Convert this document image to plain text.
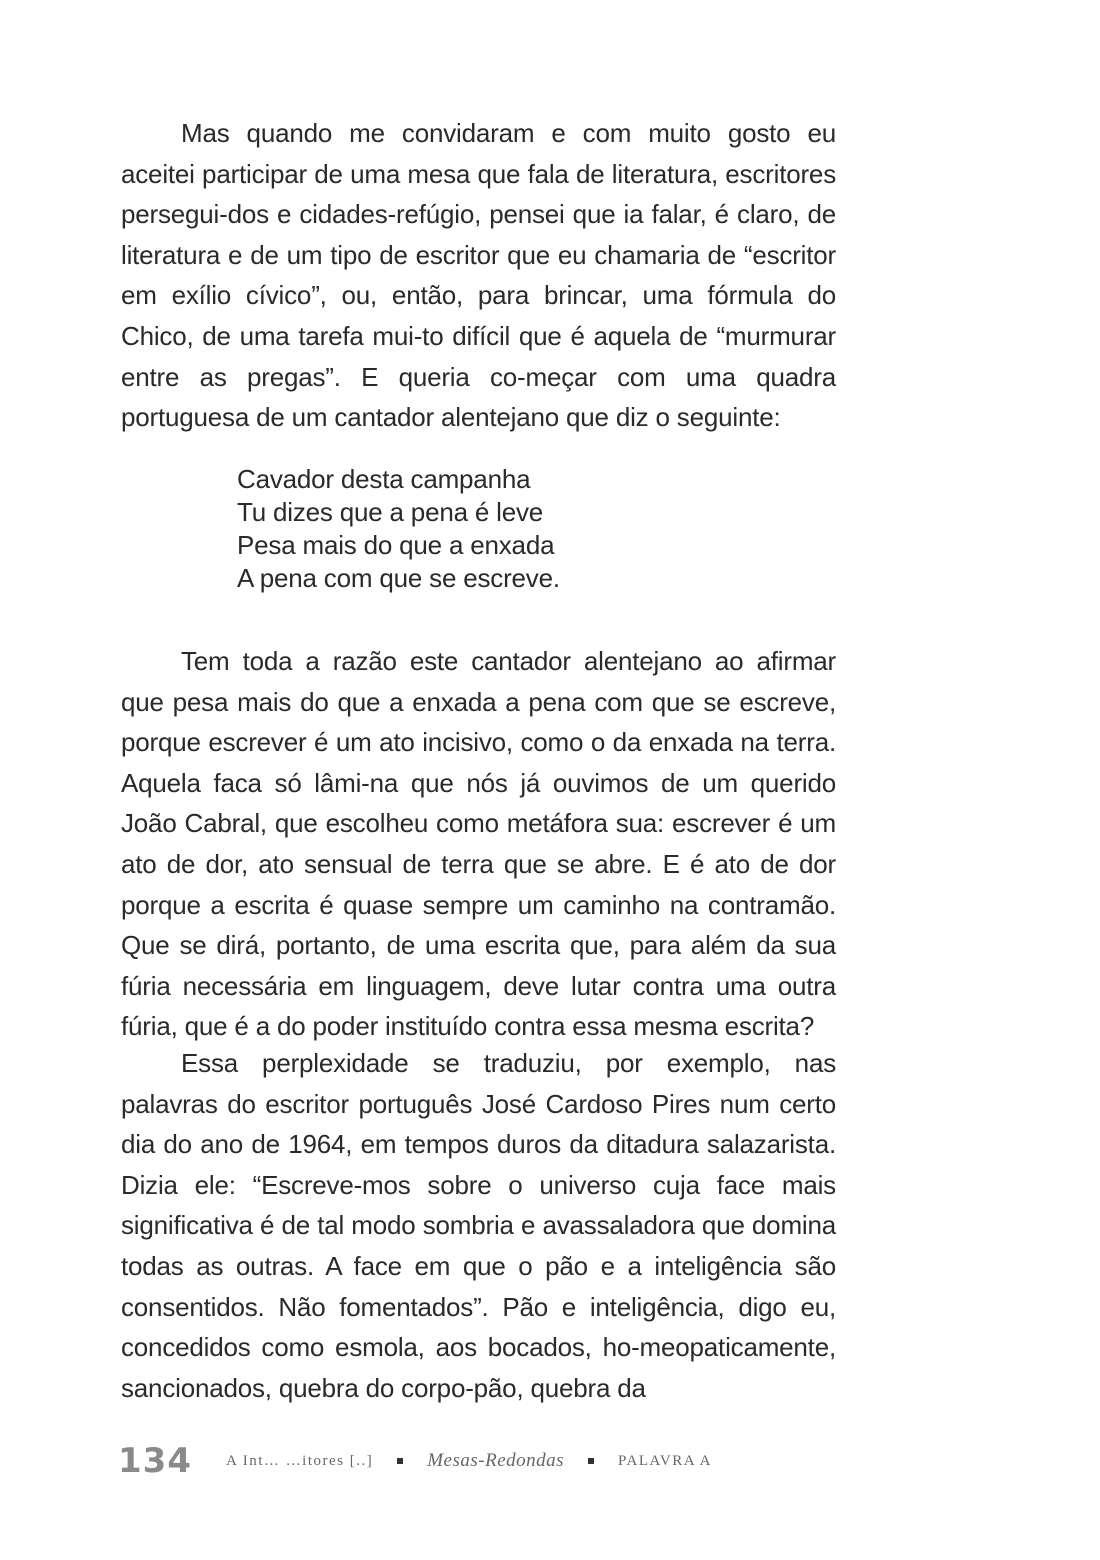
Mas quando me convidaram e com muito gosto eu aceitei participar de uma mesa que fala de literatura, escritores persegui-dos e cidades-refúgio, pensei que ia falar, é claro, de literatura e de um tipo de escritor que eu chamaria de “escritor em exílio cívico”, ou, então, para brincar, uma fórmula do Chico, de uma tarefa mui-to difícil que é aquela de “murmurar entre as pregas”. E queria co-meçar com uma quadra portuguesa de um cantador alentejano que diz o seguinte:

Cavador desta campanha
Tu dizes que a pena é leve
Pesa mais do que a enxada
A pena com que se escreve.

Tem toda a razão este cantador alentejano ao afirmar que pesa mais do que a enxada a pena com que se escreve, porque escrever é um ato incisivo, como o da enxada na terra. Aquela faca só lâmi-na que nós já ouvimos de um querido João Cabral, que escolheu como metáfora sua: escrever é um ato de dor, ato sensual de terra que se abre. E é ato de dor porque a escrita é quase sempre um caminho na contramão. Que se dirá, portanto, de uma escrita que, para além da sua fúria necessária em linguagem, deve lutar contra uma outra fúria, que é a do poder instituído contra essa mesma escrita?

Essa perplexidade se traduziu, por exemplo, nas palavras do escritor português José Cardoso Pires num certo dia do ano de 1964, em tempos duros da ditadura salazarista. Dizia ele: “Escreve-mos sobre o universo cuja face mais significativa é de tal modo sombria e avassaladora que domina todas as outras. A face em que o pão e a inteligência são consentidos. Não fomentados”. Pão e inteligência, digo eu, concedidos como esmola, aos bocados, ho-meopaticamente, sancionados, quebra do corpo-pão, quebra da

134 A Int… …itores [..]	Mesas-Redondas	PALAVRA A
